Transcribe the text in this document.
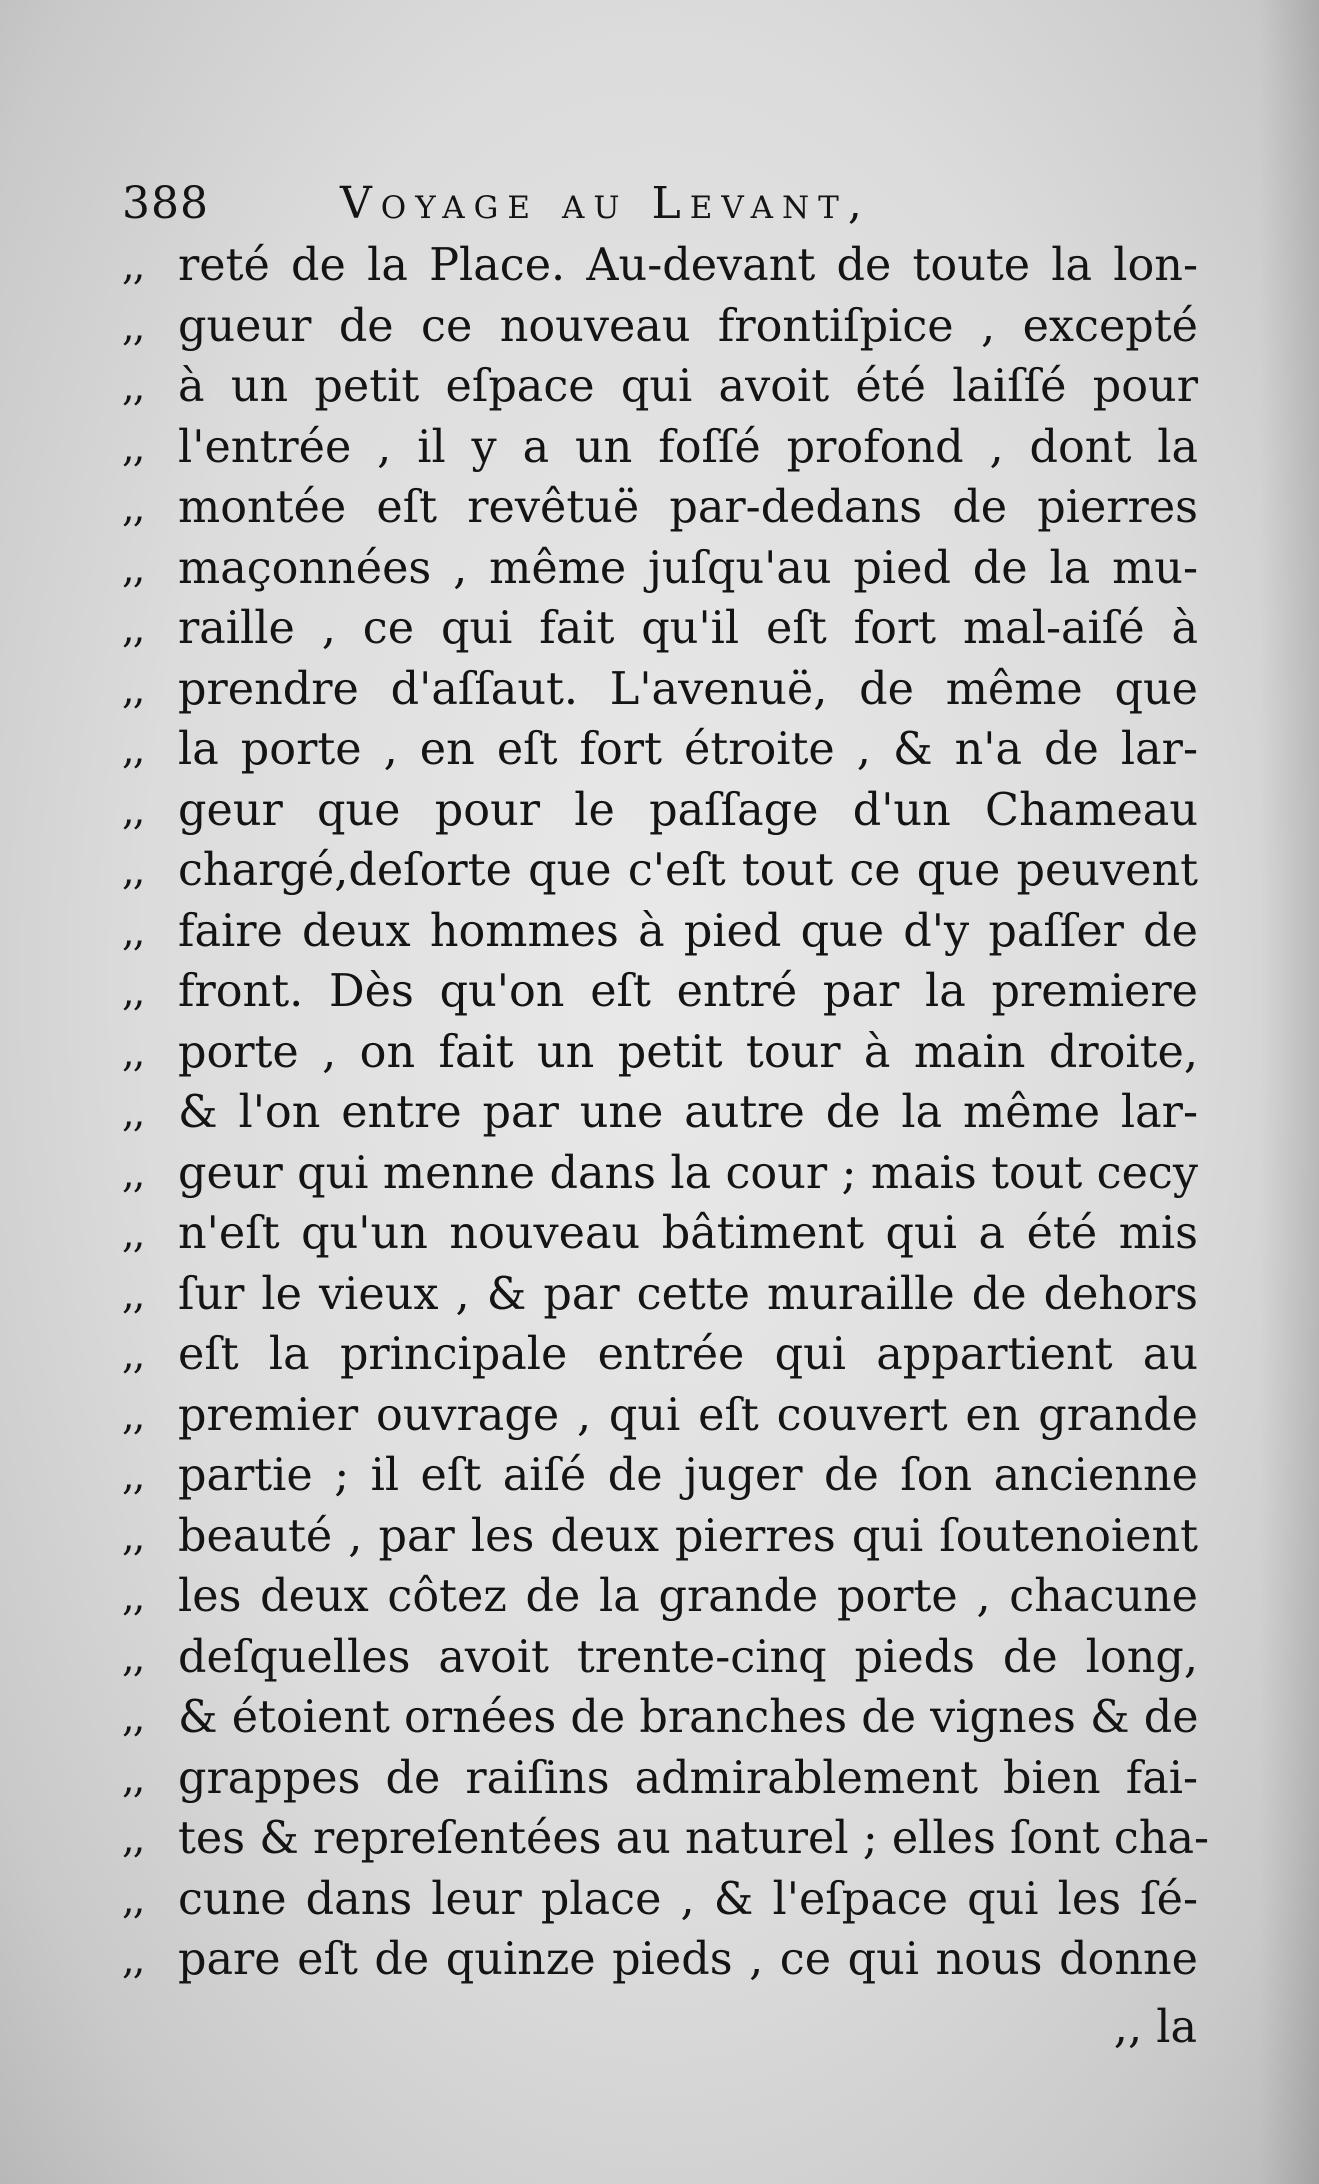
388	Voyage au Levant,
,, reté de la Place. Au-devant de toute la lon-
,, gueur de ce nouveau frontiſpice , excepté
,, à un petit eſpace qui avoit été laiſſé pour
,, l'entrée , il y a un foſſé profond , dont la
,, montée eſt revêtuë par-dedans de pierres
,, maçonnées , même juſqu'au pied de la mu-
,, raille , ce qui fait qu'il eſt fort mal-aiſé à
,, prendre d'aſſaut. L'avenuë, de même que
,, la porte , en eſt fort étroite , & n'a de lar-
,, geur que pour le paſſage d'un Chameau
,, chargé,deſorte que c'eſt tout ce que peuvent
,, faire deux hommes à pied que d'y paſſer de
,, front. Dès qu'on eſt entré par la premiere
,, porte , on fait un petit tour à main droite,
,, & l'on entre par une autre de la même lar-
,, geur qui menne dans la cour ; mais tout cecy
,, n'eſt qu'un nouveau bâtiment qui a été mis
,, ſur le vieux , & par cette muraille de dehors
,, eſt la principale entrée qui appartient au
,, premier ouvrage , qui eſt couvert en grande
,, partie ; il eſt aiſé de juger de ſon ancienne
,, beauté , par les deux pierres qui ſoutenoient
,, les deux côtez de la grande porte , chacune
,, deſquelles avoit trente-cinq pieds de long,
,, & étoient ornées de branches de vignes & de
,, grappes de raiſins admirablement bien fai-
,, tes & repreſentées au naturel ; elles ſont cha-
,, cune dans leur place , & l'eſpace qui les ſé-
,, pare eſt de quinze pieds , ce qui nous donne
,, la
